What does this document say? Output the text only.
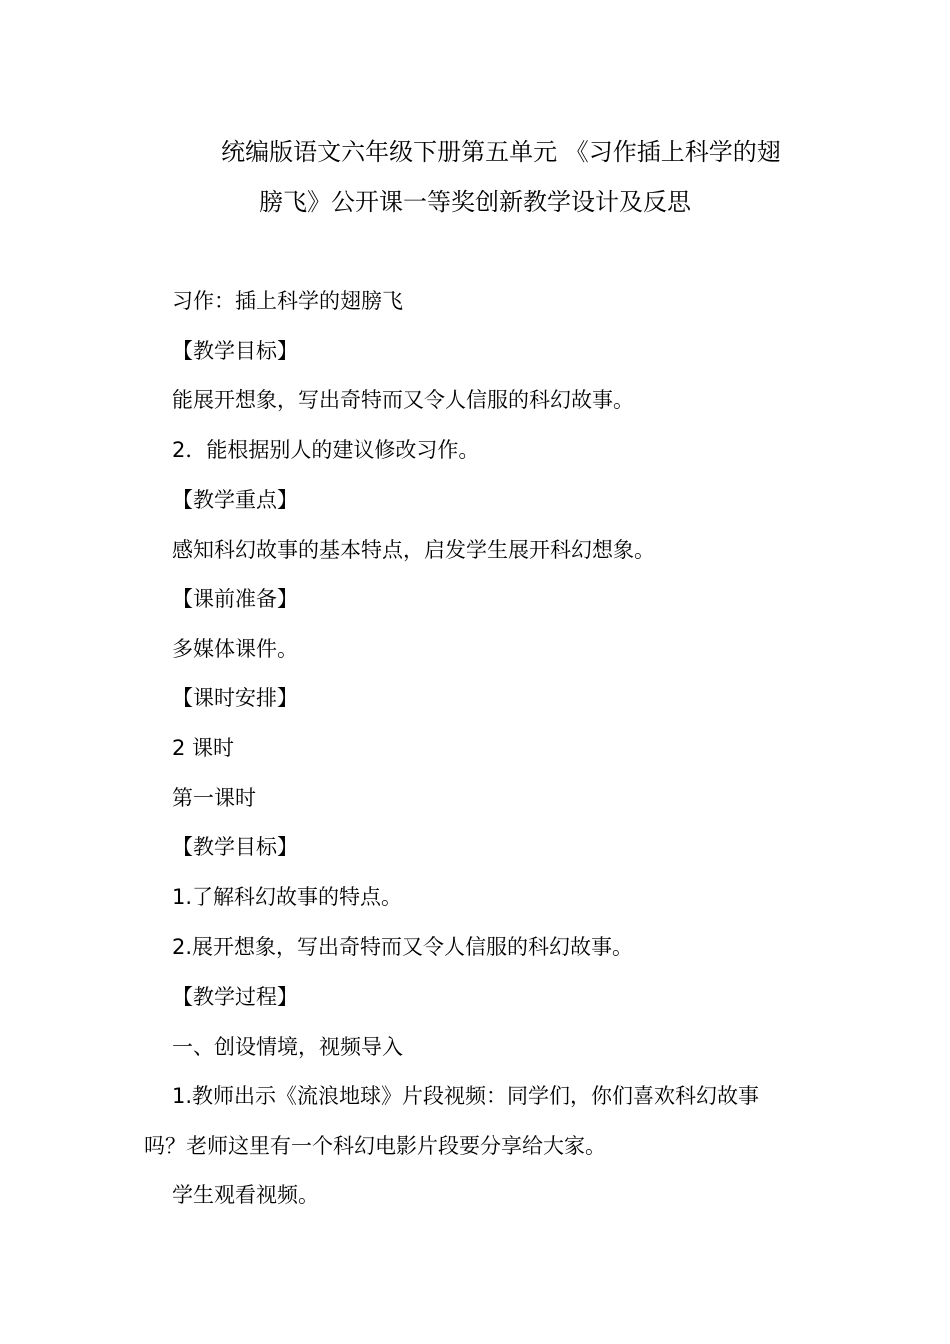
统编版语文六年级下册第五单元 《习作插上科学的翅
膀飞》公开课一等奖创新教学设计及反思
习作：插上科学的翅膀飞
【教学目标】
能展开想象，写出奇特而又令人信服的科幻故事。
2．能根据别人的建议修改习作。
【教学重点】
感知科幻故事的基本特点，启发学生展开科幻想象。
【课前准备】
多媒体课件。
【课时安排】
2 课时
第一课时
【教学目标】
1.了解科幻故事的特点。
2.展开想象，写出奇特而又令人信服的科幻故事。
【教学过程】
一、创设情境，视频导入
1.教师出示《流浪地球》片段视频：同学们，你们喜欢科幻故事
吗？老师这里有一个科幻电影片段要分享给大家。
学生观看视频。
